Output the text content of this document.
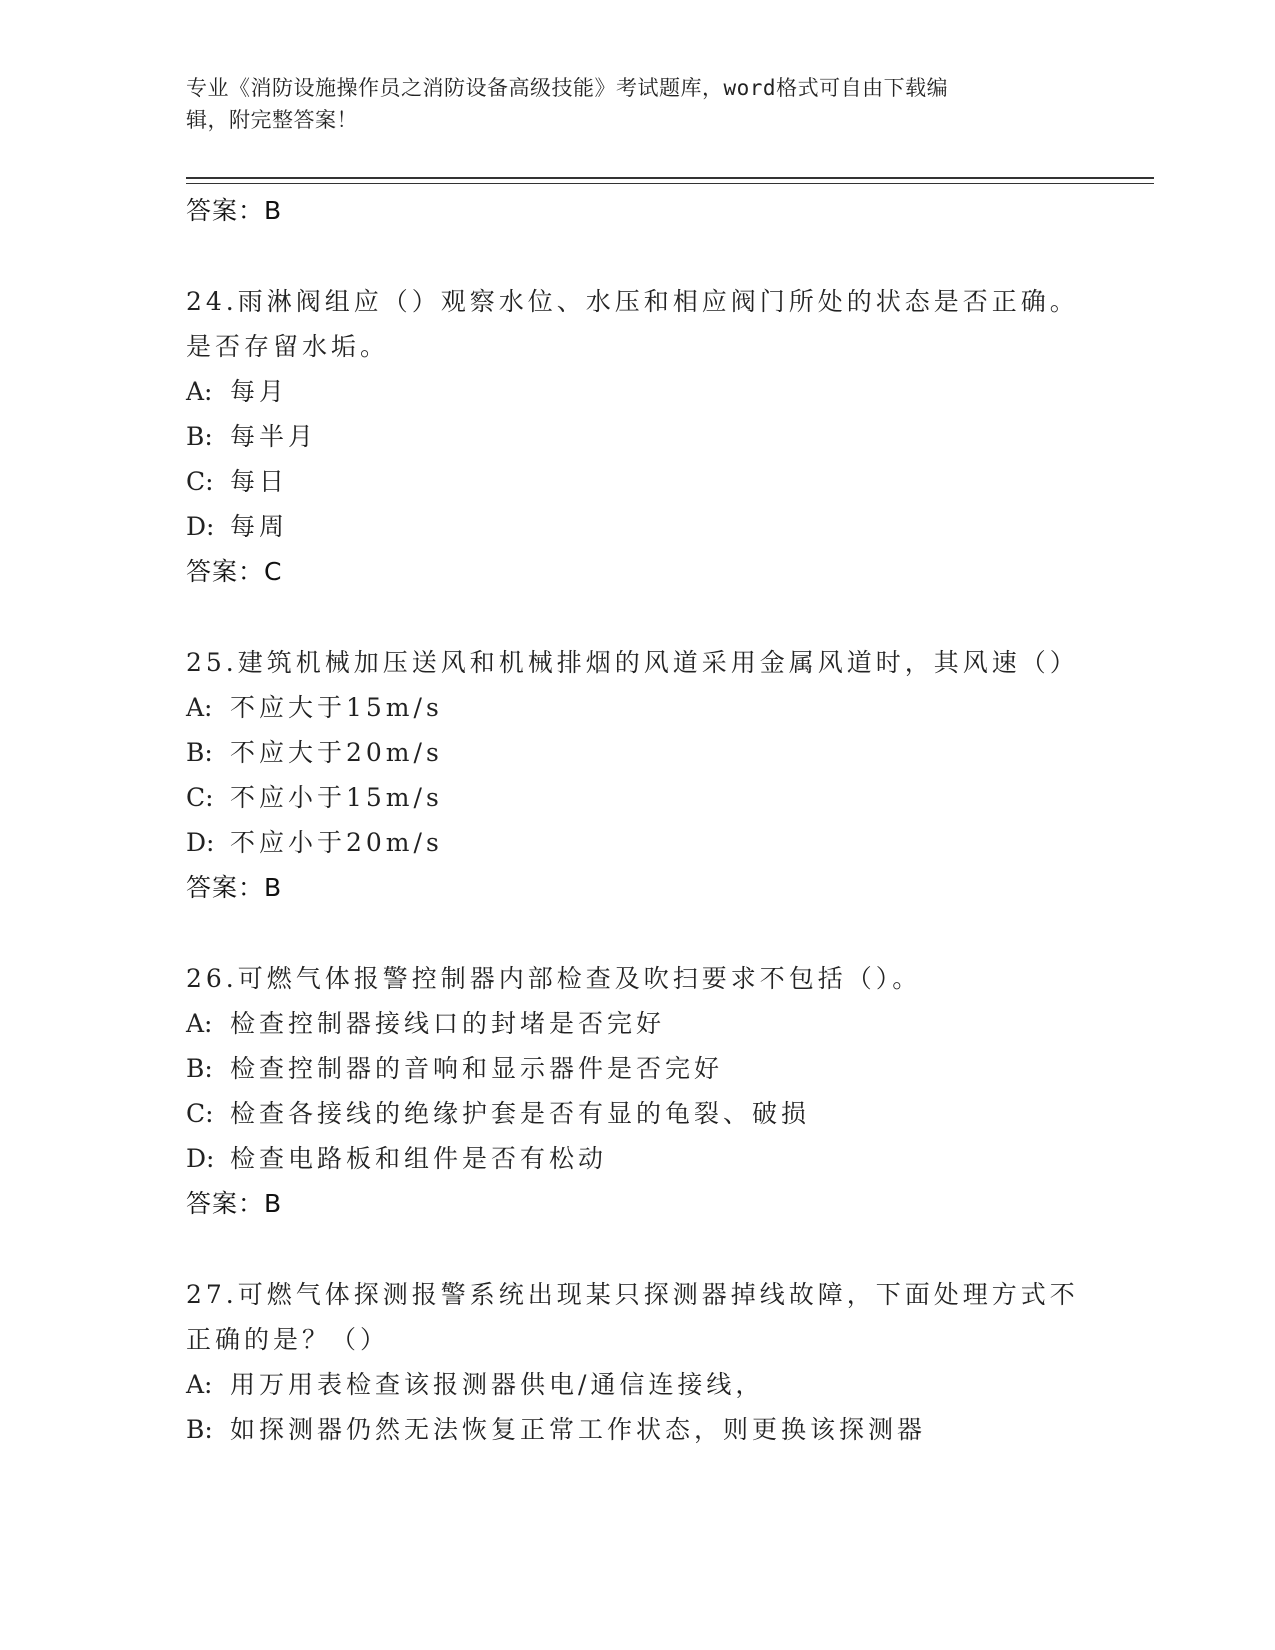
专业《消防设施操作员之消防设备高级技能》考试题库，word格式可自由下载编
辑，附完整答案！
答案：B
24.雨淋阀组应（）观察水位、水压和相应阀门所处的状态是否正确。
是否存留水垢。
A: 每月
B: 每半月
C: 每日
D: 每周
答案：C
25.建筑机械加压送风和机械排烟的风道采用金属风道时，其风速（）
A: 不应大于15m/s
B: 不应大于20m/s
C: 不应小于15m/s
D: 不应小于20m/s
答案：B
26.可燃气体报警控制器内部检查及吹扫要求不包括（）。
A: 检查控制器接线口的封堵是否完好
B: 检查控制器的音响和显示器件是否完好
C: 检查各接线的绝缘护套是否有显的龟裂、破损
D: 检查电路板和组件是否有松动
答案：B
27.可燃气体探测报警系统出现某只探测器掉线故障，下面处理方式不
正确的是？（）
A: 用万用表检查该报测器供电/通信连接线，
B: 如探测器仍然无法恢复正常工作状态，则更换该探测器
